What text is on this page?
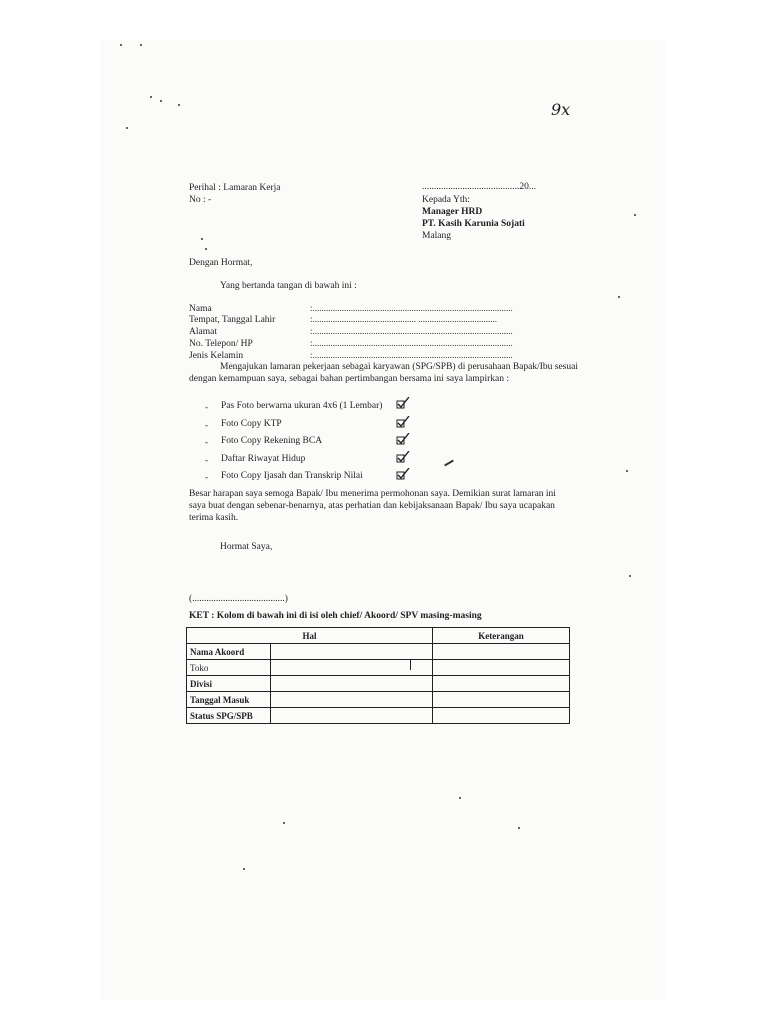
9x
Perihal : Lamaran Kerja
No : -
.........................................20...
Kepada Yth:
Manager HRD
PT. Kasih Karunia Sojati
Malang
Dengan Hormat,
Yang bertanda tangan di bawah ini :
Nama	:.........................................................................................
Tempat, Tanggal Lahir	:.............................................. ...................................
Alamat	:.........................................................................................
No. Telepon/ HP	:.........................................................................................
Jenis Kelamin	:.........................................................................................
Mengajukan lamaran pekerjaan sebagai karyawan (SPG/SPB) di perusahaan Bapak/Ibu sesuai
dengan kemampuan saya, sebagai bahan pertimbangan bersama ini saya lampirkan :
- Pas Foto berwarna ukuran 4x6 (1 Lembar)
- Foto Copy KTP
- Foto Copy Rekening BCA
- Daftar Riwayat Hidup
- Foto Copy Ijasah dan Transkrip Nilai
Besar harapan saya semoga Bapak/ Ibu menerima permohonan saya. Demikian surat lamaran ini
saya buat dengan sebenar-benarnya, atas perhatian dan kebijaksanaan Bapak/ Ibu saya ucapakan
terima kasih.
Hormat Saya,
(.......................................)
KET : Kolom di bawah ini di isi oleh chief/ Akoord/ SPV masing-masing
Hal		Keterangan
Nama Akoord		
Toko		
Divisi		
Tanggal Masuk		
Status SPG/SPB		
